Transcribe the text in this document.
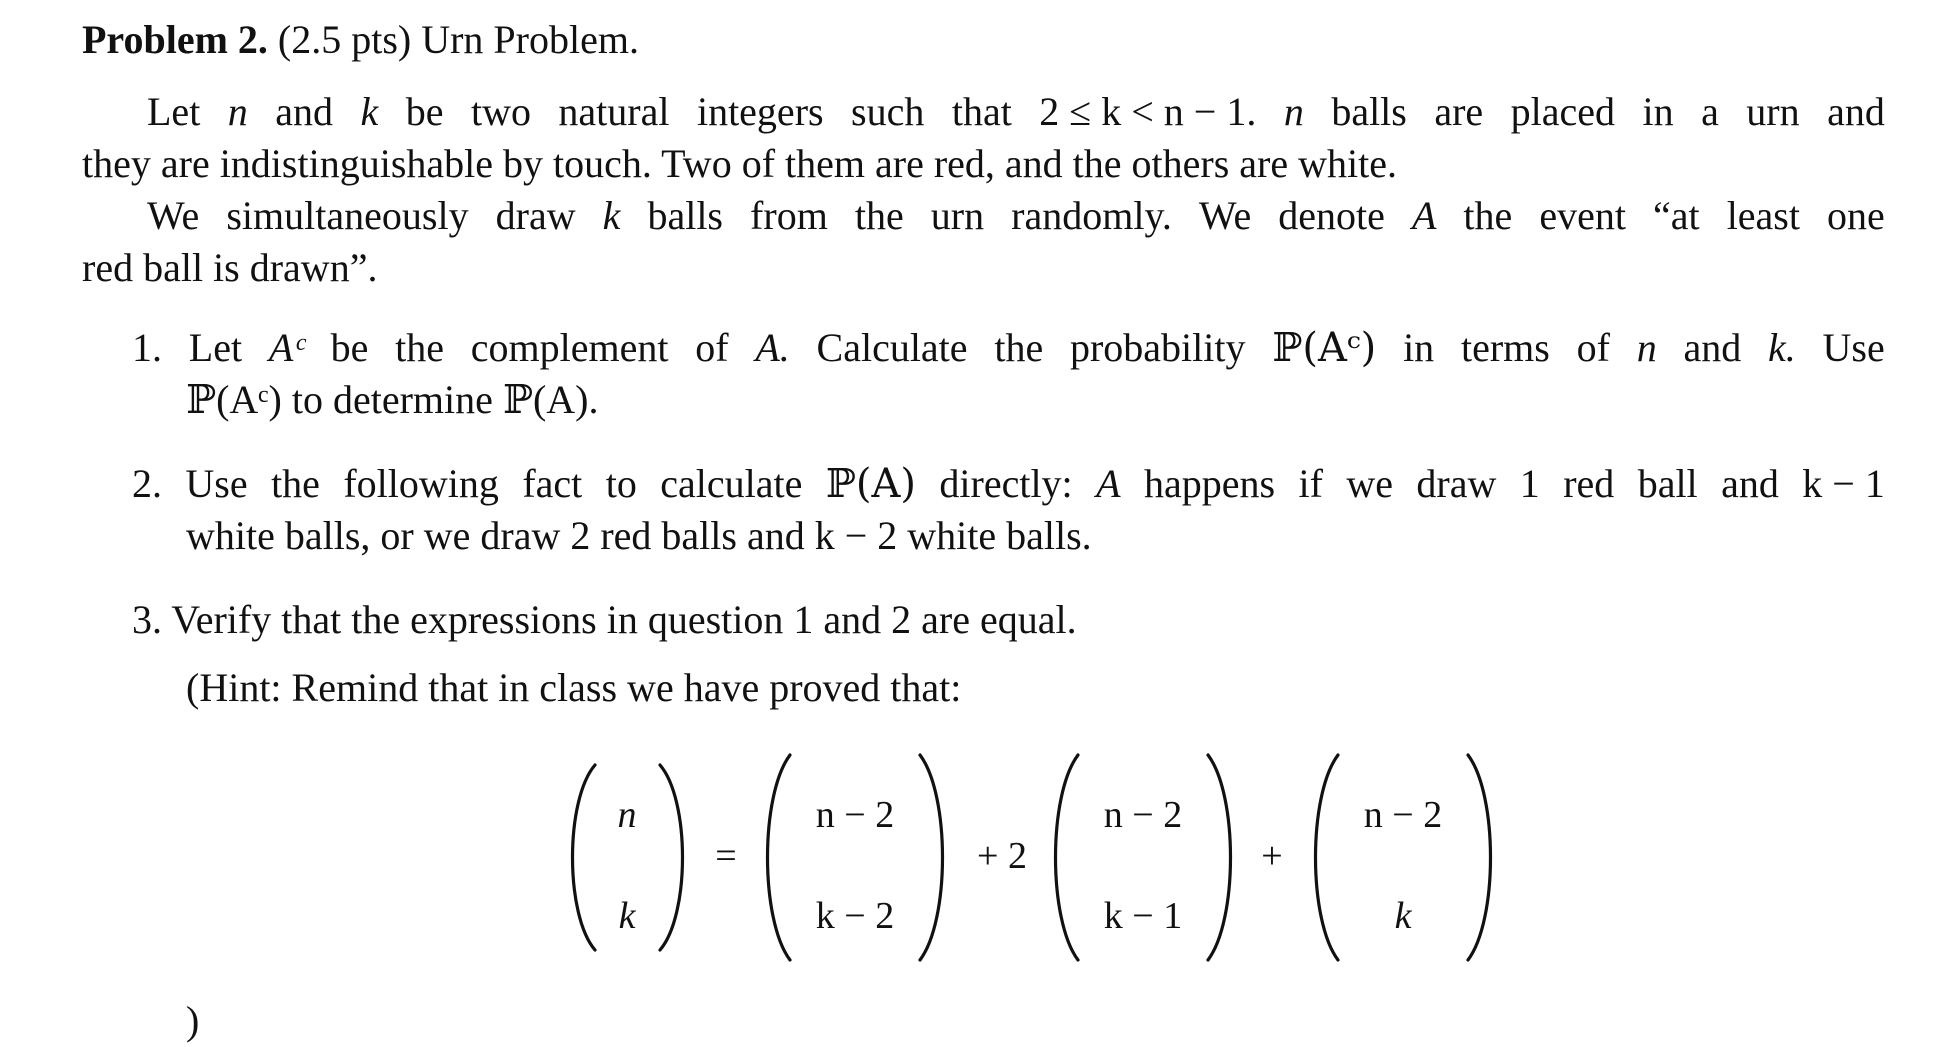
Problem 2. (2.5 pts) Urn Problem.
Let n and k be two natural integers such that 2 ≤ k < n − 1. n balls are placed in a urn and
they are indistinguishable by touch. Two of them are red, and the others are white.
We simultaneously draw k balls from the urn randomly. We denote A the event “at least one
red ball is drawn”.
1. Let Aᶜ be the complement of A. Calculate the probability ℙ(Aᶜ) in terms of n and k. Use
ℙ(Aᶜ) to determine ℙ(A).
2. Use the following fact to calculate ℙ(A) directly: A happens if we draw 1 red ball and k − 1
white balls, or we draw 2 red balls and k − 2 white balls.
3. Verify that the expressions in question 1 and 2 are equal.
(Hint: Remind that in class we have proved that:
n
k
=
n − 2
k − 2
+ 2
n − 2
k − 1
+
n − 2
k
)
